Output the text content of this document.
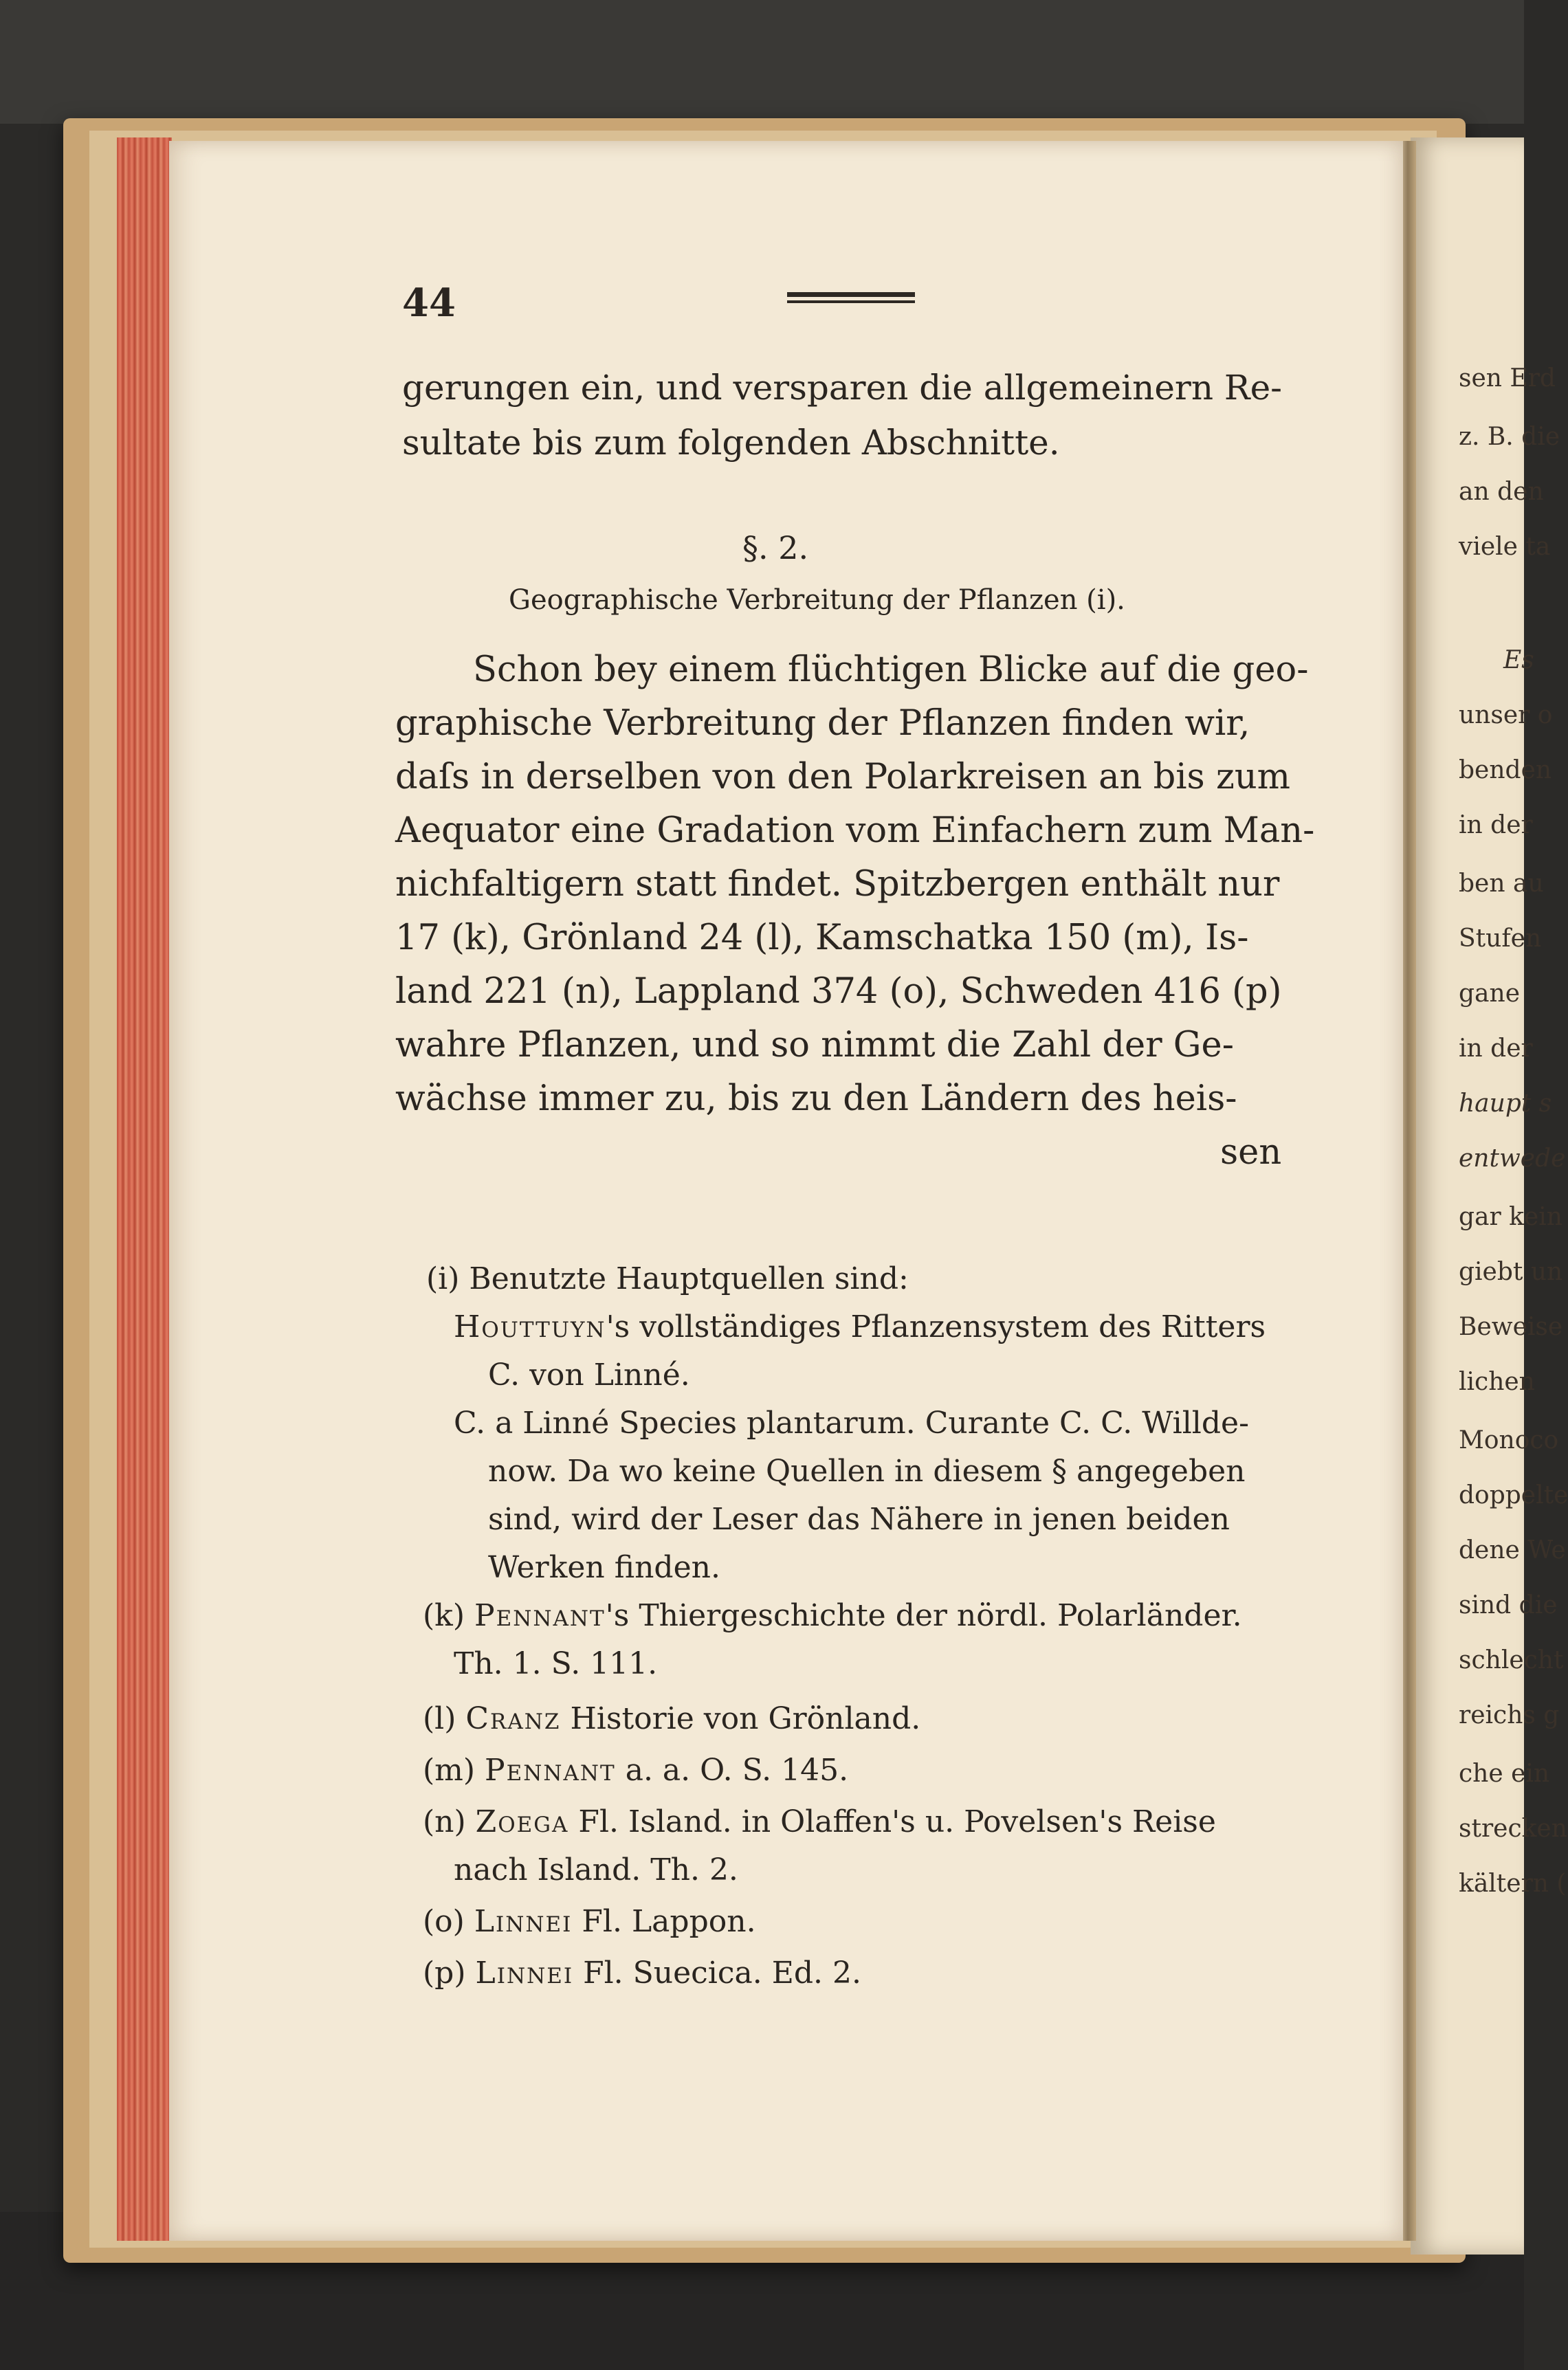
sen Erd
z. B. die
an den
viele ta
Es
unser o
benden
in der
ben au
Stufen
gane
in der
haupt s
entwede
gar kein
giebt un
Beweise
lichen
Monoco
doppelte
dene We
sind die
schlecht
reichs g
che ein
strecken
kältern (
44
gerungen ein, und versparen die allgemeinern Re-
sultate bis zum folgenden Abschnitte.
§. 2.
Geographische Verbreitung der Pflanzen (i).
Schon bey einem flüchtigen Blicke auf die geo-
graphische Verbreitung der Pflanzen finden wir,
daſs in derselben von den Polarkreisen an bis zum
Aequator eine Gradation vom Einfachern zum Man-
nichfaltigern statt findet. Spitzbergen enthält nur
17 (k), Grönland 24 (l), Kamschatka 150 (m), Is-
land 221 (n), Lappland 374 (o), Schweden 416 (p)
wahre Pflanzen, und so nimmt die Zahl der Ge-
wächse immer zu, bis zu den Ländern des heis-
sen
(i) Benutzte Hauptquellen sind:
Houttuyn's vollständiges Pflanzensystem des Ritters
C. von Linné.
C. a Linné Species plantarum. Curante C. C. Willde-
now. Da wo keine Quellen in diesem § angegeben
sind, wird der Leser das Nähere in jenen beiden
Werken finden.
(k) Pennant's Thiergeschichte der nördl. Polarländer.
Th. 1. S. 111.
(l) Cranz Historie von Grönland.
(m) Pennant a. a. O. S. 145.
(n) Zoega Fl. Island. in Olaffen's u. Povelsen's Reise
nach Island. Th. 2.
(o) Linnei Fl. Lappon.
(p) Linnei Fl. Suecica. Ed. 2.
